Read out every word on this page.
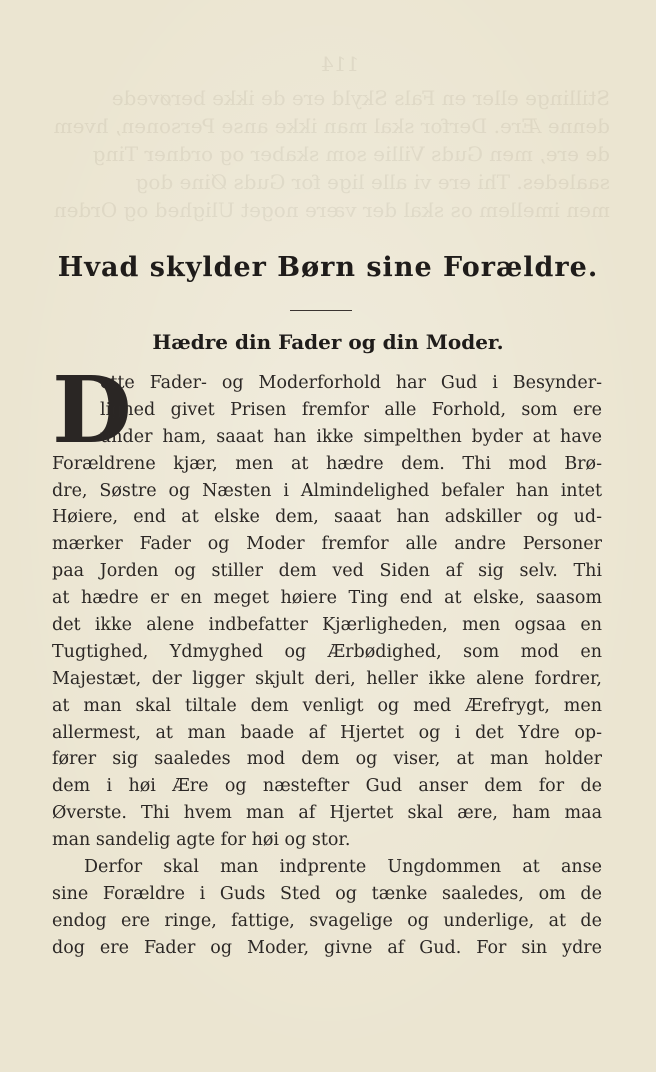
114
Stillinge eller en Fals Skyld ere de ikke berøvede
denne Ære. Derfor skal man ikke anse Personen, hvem
de ere, men Guds Villie som skaber og ordner Ting
saaledes. Thi ere vi alle lige for Guds Øine dog
men imellem os skal der være noget Ulighed og Orden
Hvad skylder Børn sine Forældre.
Hædre din Fader og din Moder.
D
ette Fader- og Moderforhold har Gud i Besynder-
lighed givet Prisen fremfor alle Forhold, som ere
under ham, saaat han ikke simpelthen byder at have
Forældrene kjær, men at hædre dem. Thi mod Brø-
dre, Søstre og Næsten i Almindelighed befaler han intet
Høiere, end at elske dem, saaat han adskiller og ud-
mærker Fader og Moder fremfor alle andre Personer
paa Jorden og stiller dem ved Siden af sig selv. Thi
at hædre er en meget høiere Ting end at elske, saasom
det ikke alene indbefatter Kjærligheden, men ogsaa en
Tugtighed, Ydmyghed og Ærbødighed, som mod en
Majestæt, der ligger skjult deri, heller ikke alene fordrer,
at man skal tiltale dem venligt og med Ærefrygt, men
allermest, at man baade af Hjertet og i det Ydre op-
fører sig saaledes mod dem og viser, at man holder
dem i høi Ære og næstefter Gud anser dem for de
Øverste. Thi hvem man af Hjertet skal ære, ham maa
man sandelig agte for høi og stor.
Derfor skal man indprente Ungdommen at anse
sine Forældre i Guds Sted og tænke saaledes, om de
endog ere ringe, fattige, svagelige og underlige, at de
dog ere Fader og Moder, givne af Gud. For sin ydre
